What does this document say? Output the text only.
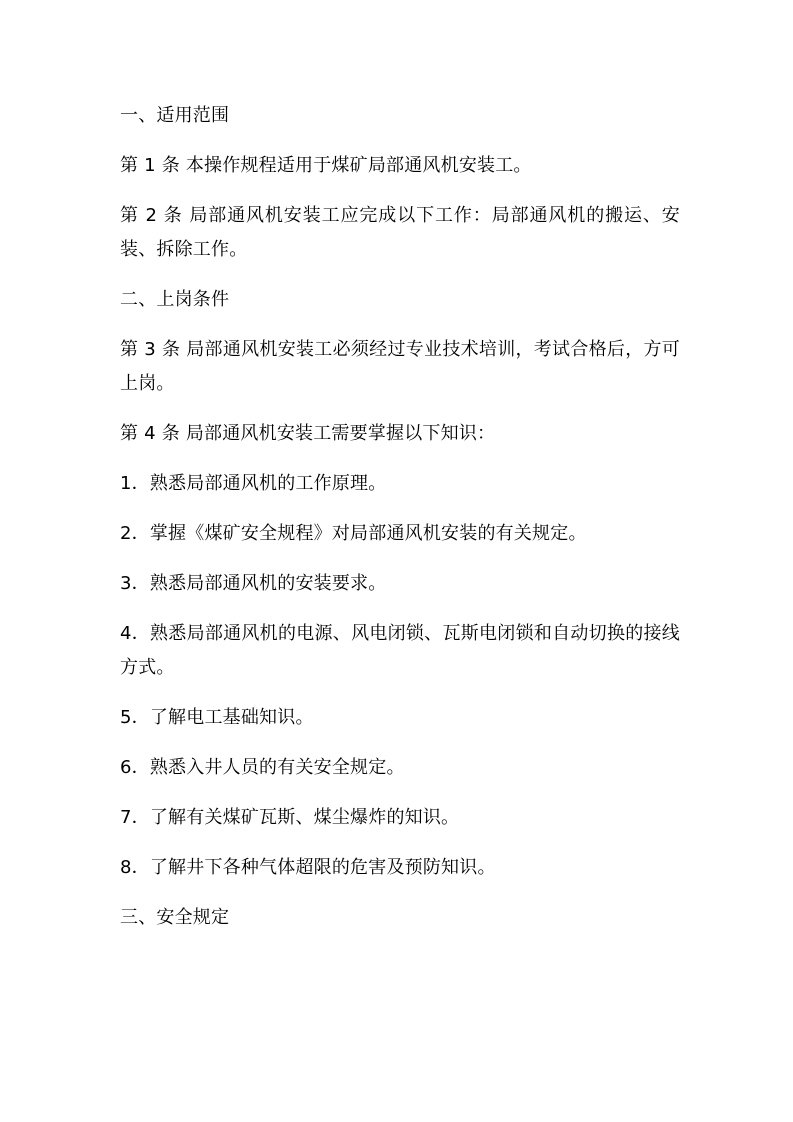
一、适用范围

第 1 条 本操作规程适用于煤矿局部通风机安装工。

第 2 条 局部通风机安装工应完成以下工作：局部通风机的搬运、安装、拆除工作。

二、上岗条件

第 3 条 局部通风机安装工必须经过专业技术培训，考试合格后，方可上岗。

第 4 条 局部通风机安装工需要掌握以下知识：

1．熟悉局部通风机的工作原理。

2．掌握《煤矿安全规程》对局部通风机安装的有关规定。

3．熟悉局部通风机的安装要求。

4．熟悉局部通风机的电源、风电闭锁、瓦斯电闭锁和自动切换的接线方式。

5．了解电工基础知识。

6．熟悉入井人员的有关安全规定。

7．了解有关煤矿瓦斯、煤尘爆炸的知识。

8．了解井下各种气体超限的危害及预防知识。

三、安全规定
